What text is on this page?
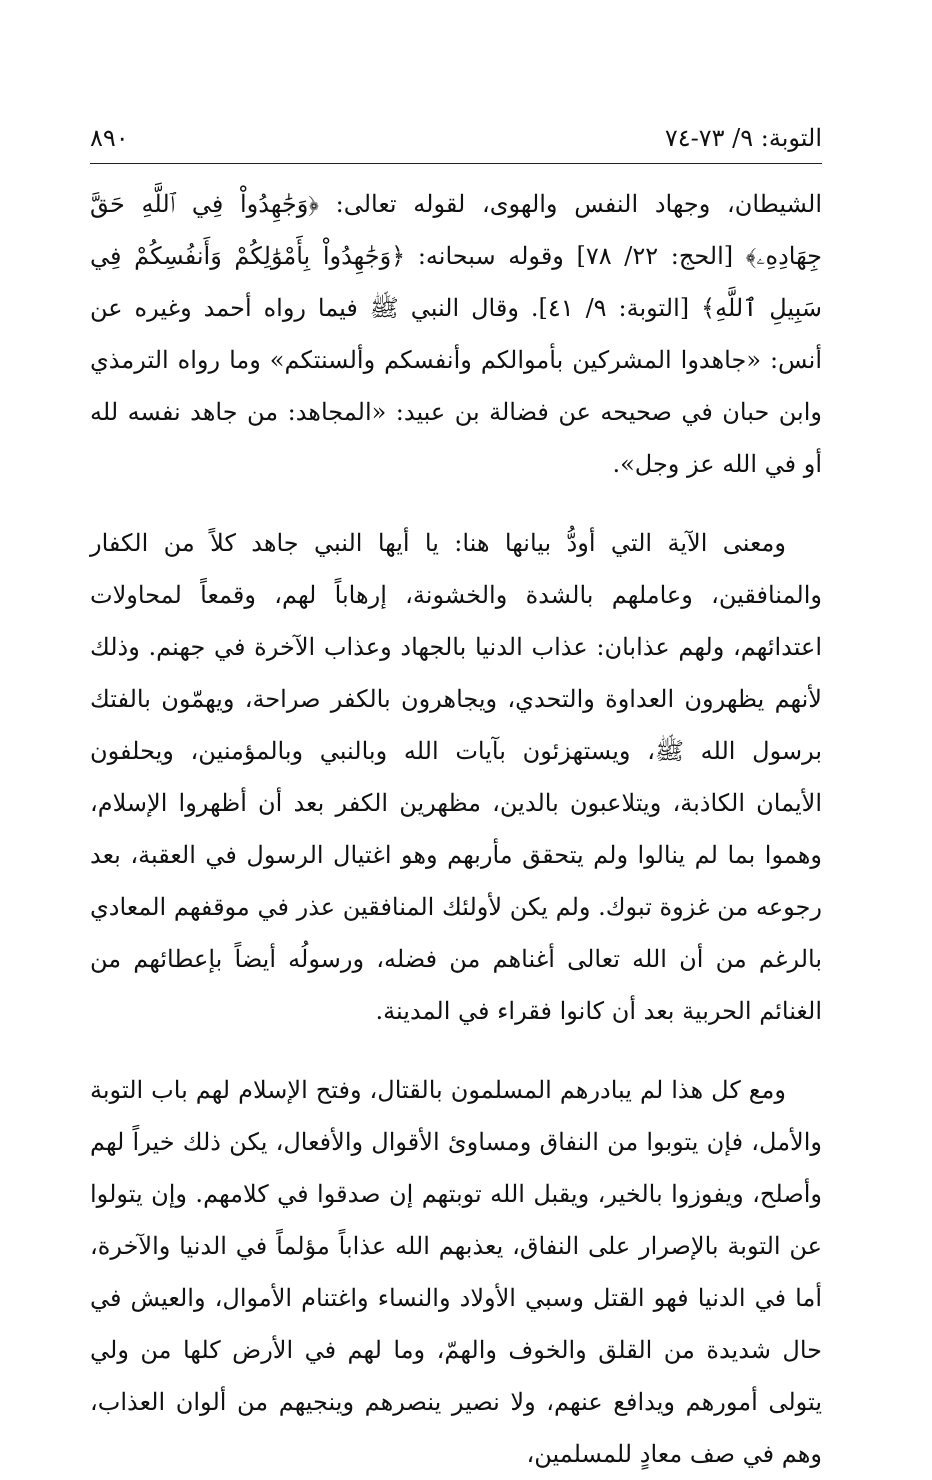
التوبة: ٩/ ٧٣-٧٤
٨٩٠

الشيطان، وجهاد النفس والهوى، لقوله تعالى: ﴿وَجَٰهِدُواْ فِي ٱللَّهِ حَقَّ جِهَادِهِۦ﴾ [الحج: ٢٢/ ٧٨] وقوله سبحانه: ﴿وَجَٰهِدُواْ بِأَمْوَٰلِكُمْ وَأَنفُسِكُمْ فِي سَبِيلِ ٱللَّهِ﴾ [التوبة: ٩/ ٤١]. وقال النبي ﷺ فيما رواه أحمد وغيره عن أنس: «جاهدوا المشركين بأموالكم وأنفسكم وألسنتكم» وما رواه الترمذي وابن حبان في صحيحه عن فضالة بن عبيد: «المجاهد: من جاهد نفسه لله أو في الله عز وجل».

ومعنى الآية التي أودُّ بيانها هنا: يا أيها النبي جاهد كلاً من الكفار والمنافقين، وعاملهم بالشدة والخشونة، إرهاباً لهم، وقمعاً لمحاولات اعتدائهم، ولهم عذابان: عذاب الدنيا بالجهاد وعذاب الآخرة في جهنم. وذلك لأنهم يظهرون العداوة والتحدي، ويجاهرون بالكفر صراحة، ويهمّون بالفتك برسول الله ﷺ، ويستهزئون بآيات الله وبالنبي وبالمؤمنين، ويحلفون الأيمان الكاذبة، ويتلاعبون بالدين، مظهرين الكفر بعد أن أظهروا الإسلام، وهموا بما لم ينالوا ولم يتحقق مأربهم وهو اغتيال الرسول في العقبة، بعد رجوعه من غزوة تبوك. ولم يكن لأولئك المنافقين عذر في موقفهم المعادي بالرغم من أن الله تعالى أغناهم من فضله، ورسولُه أيضاً بإعطائهم من الغنائم الحربية بعد أن كانوا فقراء في المدينة.

ومع كل هذا لم يبادرهم المسلمون بالقتال، وفتح الإسلام لهم باب التوبة والأمل، فإن يتوبوا من النفاق ومساوئ الأقوال والأفعال، يكن ذلك خيراً لهم وأصلح، ويفوزوا بالخير، ويقبل الله توبتهم إن صدقوا في كلامهم. وإن يتولوا عن التوبة بالإصرار على النفاق، يعذبهم الله عذاباً مؤلماً في الدنيا والآخرة، أما في الدنيا فهو القتل وسبي الأولاد والنساء واغتنام الأموال، والعيش في حال شديدة من القلق والخوف والهمّ، وما لهم في الأرض كلها من ولي يتولى أمورهم ويدافع عنهم، ولا نصير ينصرهم وينجيهم من ألوان العذاب، وهم في صف معادٍ للمسلمين،
